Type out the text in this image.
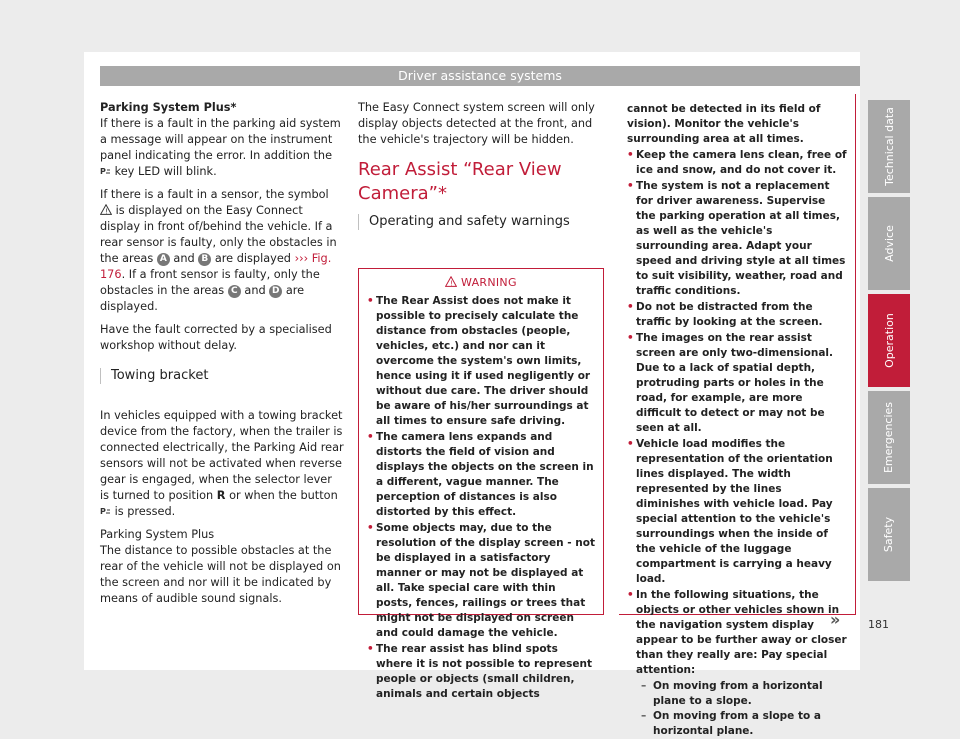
Driver assistance systems

Parking System Plus*
If there is a fault in the parking aid system a message will appear on the instrument panel indicating the error. In addition the
P key LED will blink.

If there is a fault in a sensor, the symbol
! is displayed on the Easy Connect display in front of/behind the vehicle. If a rear sensor is faulty, only the obstacles in the areas A and B are displayed ››› Fig. 176. If a front sensor is faulty, only the obstacles in the areas C and D are displayed.

Have the fault corrected by a specialised workshop without delay.

Towing bracket

In vehicles equipped with a towing bracket device from the factory, when the trailer is connected electrically, the Parking Aid rear sensors will not be activated when reverse gear is engaged, when the selector lever is turned to position R or when the button
P is pressed.

Parking System Plus
The distance to possible obstacles at the rear of the vehicle will not be displayed on the screen and nor will it be indicated by means of audible sound signals.

The Easy Connect system screen will only display objects detected at the front, and the vehicle's trajectory will be hidden.

Rear Assist “Rear View Camera”*
Operating and safety warnings
! WARNING
• The Rear Assist does not make it possible to precisely calculate the distance from obstacles (people, vehicles, etc.) and nor can it overcome the system's own limits, hence using it if used negligently or without due care. The driver should be aware of his/her surroundings at all times to ensure safe driving.
• The camera lens expands and distorts the field of vision and displays the objects on the screen in a different, vague manner. The perception of distances is also distorted by this effect.
• Some objects may, due to the resolution of the display screen - not be displayed in a satisfactory manner or may not be displayed at all. Take special care with thin posts, fences, railings or trees that might not be displayed on screen and could damage the vehicle.
• The rear assist has blind spots where it is not possible to represent people or objects (small children, animals and certain objects
cannot be detected in its field of vision). Monitor the vehicle's surrounding area at all times.
• Keep the camera lens clean, free of ice and snow, and do not cover it.
• The system is not a replacement for driver awareness. Supervise the parking operation at all times, as well as the vehicle's surrounding area. Adapt your speed and driving style at all times to suit visibility, weather, road and traffic conditions.
• Do not be distracted from the traffic by looking at the screen.
• The images on the rear assist screen are only two-dimensional. Due to a lack of spatial depth, protruding parts or holes in the road, for example, are more difficult to detect or may not be seen at all.
• Vehicle load modifies the representation of the orientation lines displayed. The width represented by the lines diminishes with vehicle load. Pay special attention to the vehicle's surroundings when the inside of the vehicle of the luggage compartment is carrying a heavy load.
• In the following situations, the objects or other vehicles shown in the navigation system display appear to be further away or closer than they really are: Pay special attention:
– On moving from a horizontal plane to a slope.
– On moving from a slope to a horizontal plane.
»	181
Technical data
Advice
Operation
Emergencies
Safety
